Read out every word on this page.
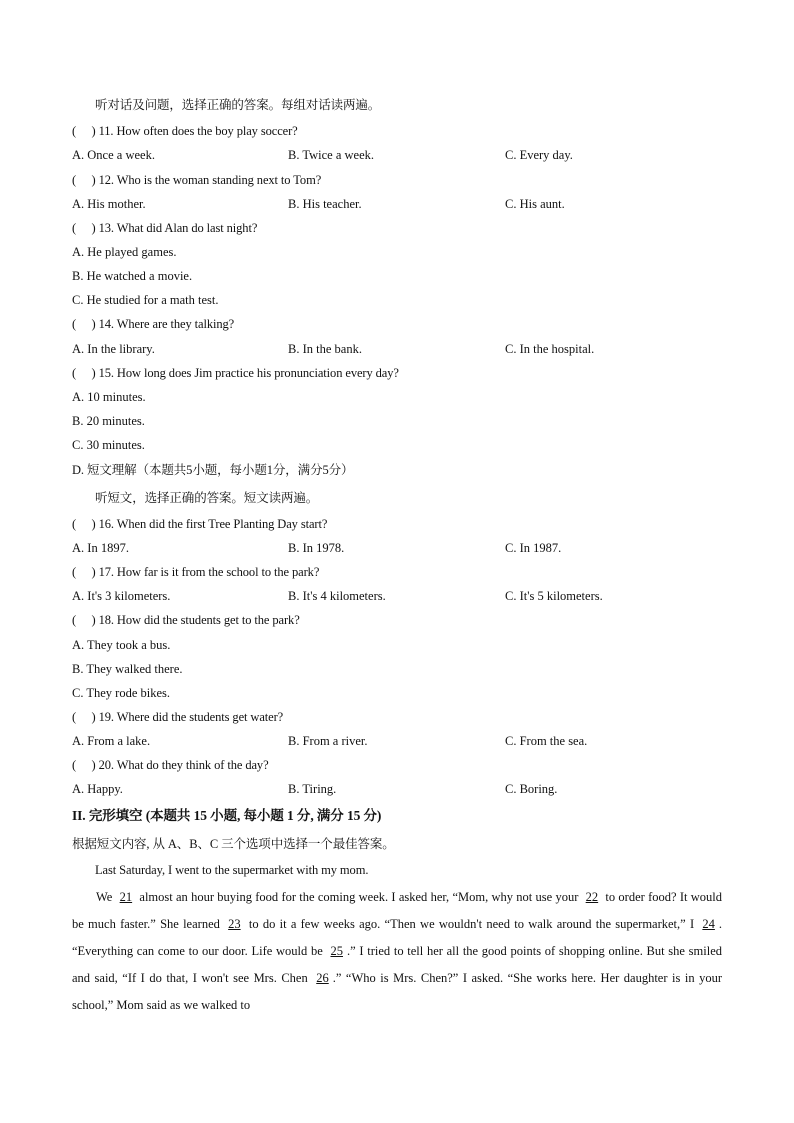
听对话及问题，选择正确的答案。每组对话读两遍。
(　 ) 11. How often does the boy play soccer?
A. Once a week.	B. Twice a week.	C. Every day.
(　 ) 12. Who is the woman standing next to Tom?
A. His mother.	B. His teacher.	C. His aunt.
(　 ) 13. What did Alan do last night?
A. He played games.
B. He watched a movie.
C. He studied for a math test.
(　 ) 14. Where are they talking?
A. In the library.	B. In the bank.	C. In the hospital.
(　 ) 15. How long does Jim practice his pronunciation every day?
A. 10 minutes.
B. 20 minutes.
C. 30 minutes.
D. 短文理解（本题共5小题，每小题1分，满分5分）
听短文，选择正确的答案。短文读两遍。
(　 ) 16. When did the first Tree Planting Day start?
A. In 1897.	B. In 1978.	C. In 1987.
(　 ) 17. How far is it from the school to the park?
A. It's 3 kilometers.	B. It's 4 kilometers.	C. It's 5 kilometers.
(　 ) 18. How did the students get to the park?
A. They took a bus.
B. They walked there.
C. They rode bikes.
(　 ) 19. Where did the students get water?
A. From a lake.	B. From a river.	C. From the sea.
(　 ) 20. What do they think of the day?
A. Happy.	B. Tiring.	C. Boring.
II. 完形填空 (本题共 15 小题, 每小题 1 分, 满分 15 分)
根据短文内容, 从 A、B、C 三个选项中选择一个最佳答案。
Last Saturday, I went to the supermarket with my mom.
We 21 almost an hour buying food for the coming week. I asked her, “Mom, why not use your 22 to order food? It would be much faster.” She learned 23 to do it a few weeks ago. “Then we wouldn't need to walk around the supermarket,” I 24 . “Everything can come to our door. Life would be 25 .” I tried to tell her all the good points of shopping online. But she smiled and said, “If I do that, I won't see Mrs. Chen 26 .” “Who is Mrs. Chen?” I asked. “She works here. Her daughter is in your school,” Mom said as we walked to
